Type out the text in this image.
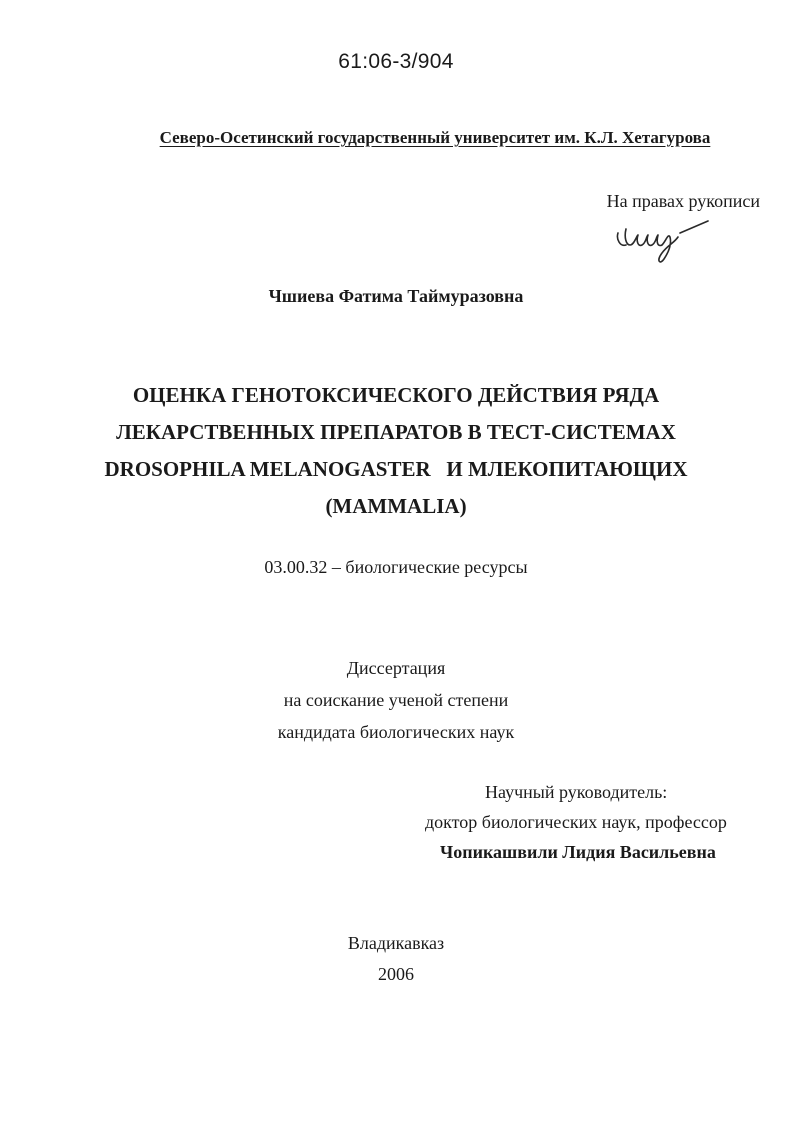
61:06-3/904
Северо-Осетинский государственный университет им. К.Л. Хетагурова
На правах рукописи
Чшиева Фатима Таймуразовна
ОЦЕНКА ГЕНОТОКСИЧЕСКОГО ДЕЙСТВИЯ РЯДА
ЛЕКАРСТВЕННЫХ ПРЕПАРАТОВ В ТЕСТ-СИСТЕМАХ
DROSOPHILA MELANOGASTER   И МЛЕКОПИТАЮЩИХ
(MAMMALIA)
03.00.32 – биологические ресурсы
Диссертация
на соискание ученой степени
кандидата биологических наук
Научный руководитель:
доктор биологических наук, профессор
Чопикашвили Лидия Васильевна
Владикавказ
2006
